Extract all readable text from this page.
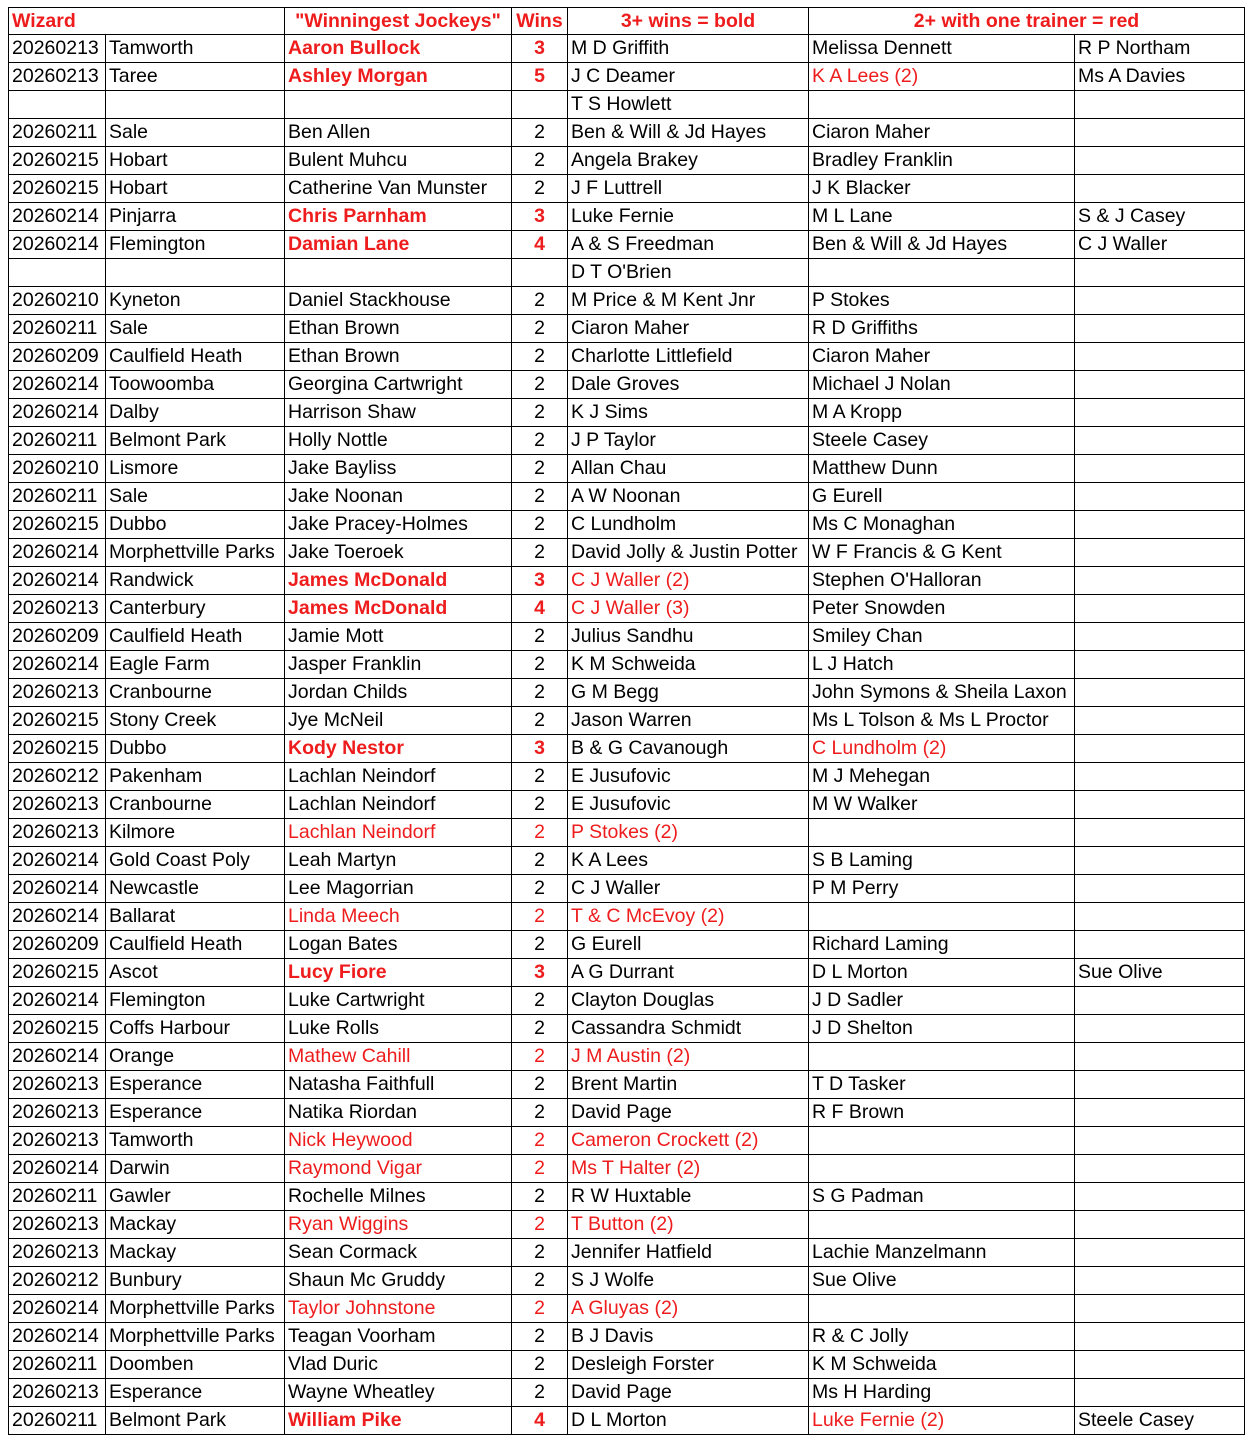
Wizard		"Winningest Jockeys"	Wins	3+ wins = bold	2+ with one trainer = red	
20260213	Tamworth	Aaron Bullock	3	M D Griffith	Melissa Dennett	R P Northam
20260213	Taree	Ashley Morgan	5	J C Deamer	K A Lees (2)	Ms A Davies
				T S Howlett		
20260211	Sale	Ben Allen	2	Ben & Will & Jd Hayes	Ciaron Maher	
20260215	Hobart	Bulent Muhcu	2	Angela Brakey	Bradley Franklin	
20260215	Hobart	Catherine Van Munster	2	J F Luttrell	J K Blacker	
20260214	Pinjarra	Chris Parnham	3	Luke Fernie	M L Lane	S & J Casey
20260214	Flemington	Damian Lane	4	A & S Freedman	Ben & Will & Jd Hayes	C J Waller
				D T O'Brien		
20260210	Kyneton	Daniel Stackhouse	2	M Price & M Kent Jnr	P Stokes	
20260211	Sale	Ethan Brown	2	Ciaron Maher	R D Griffiths	
20260209	Caulfield Heath	Ethan Brown	2	Charlotte Littlefield	Ciaron Maher	
20260214	Toowoomba	Georgina Cartwright	2	Dale Groves	Michael J Nolan	
20260214	Dalby	Harrison Shaw	2	K J Sims	M A Kropp	
20260211	Belmont Park	Holly Nottle	2	J P Taylor	Steele Casey	
20260210	Lismore	Jake Bayliss	2	Allan Chau	Matthew Dunn	
20260211	Sale	Jake Noonan	2	A W Noonan	G Eurell	
20260215	Dubbo	Jake Pracey-Holmes	2	C Lundholm	Ms C Monaghan	
20260214	Morphettville Parks	Jake Toeroek	2	David Jolly & Justin Potter	W F Francis & G Kent	
20260214	Randwick	James McDonald	3	C J Waller (2)	Stephen O'Halloran	
20260213	Canterbury	James McDonald	4	C J Waller (3)	Peter Snowden	
20260209	Caulfield Heath	Jamie Mott	2	Julius Sandhu	Smiley Chan	
20260214	Eagle Farm	Jasper Franklin	2	K M Schweida	L J Hatch	
20260213	Cranbourne	Jordan Childs	2	G M Begg	John Symons & Sheila Laxon	
20260215	Stony Creek	Jye McNeil	2	Jason Warren	Ms L Tolson & Ms L Proctor	
20260215	Dubbo	Kody Nestor	3	B & G Cavanough	C Lundholm (2)	
20260212	Pakenham	Lachlan Neindorf	2	E Jusufovic	M J Mehegan	
20260213	Cranbourne	Lachlan Neindorf	2	E Jusufovic	M W Walker	
20260213	Kilmore	Lachlan Neindorf	2	P Stokes (2)		
20260214	Gold Coast Poly	Leah Martyn	2	K A Lees	S B Laming	
20260214	Newcastle	Lee Magorrian	2	C J Waller	P M Perry	
20260214	Ballarat	Linda Meech	2	T & C McEvoy (2)		
20260209	Caulfield Heath	Logan Bates	2	G Eurell	Richard Laming	
20260215	Ascot	Lucy Fiore	3	A G Durrant	D L Morton	Sue Olive
20260214	Flemington	Luke Cartwright	2	Clayton Douglas	J D Sadler	
20260215	Coffs Harbour	Luke Rolls	2	Cassandra Schmidt	J D Shelton	
20260214	Orange	Mathew Cahill	2	J M Austin (2)		
20260213	Esperance	Natasha Faithfull	2	Brent Martin	T D Tasker	
20260213	Esperance	Natika Riordan	2	David Page	R F Brown	
20260213	Tamworth	Nick Heywood	2	Cameron Crockett (2)		
20260214	Darwin	Raymond Vigar	2	Ms T Halter (2)		
20260211	Gawler	Rochelle Milnes	2	R W Huxtable	S G Padman	
20260213	Mackay	Ryan Wiggins	2	T Button (2)		
20260213	Mackay	Sean Cormack	2	Jennifer Hatfield	Lachie Manzelmann	
20260212	Bunbury	Shaun Mc Gruddy	2	S J Wolfe	Sue Olive	
20260214	Morphettville Parks	Taylor Johnstone	2	A Gluyas (2)		
20260214	Morphettville Parks	Teagan Voorham	2	B J Davis	R & C Jolly	
20260211	Doomben	Vlad Duric	2	Desleigh Forster	K M Schweida	
20260213	Esperance	Wayne Wheatley	2	David Page	Ms H Harding	
20260211	Belmont Park	William Pike	4	D L Morton	Luke Fernie (2)	Steele Casey
